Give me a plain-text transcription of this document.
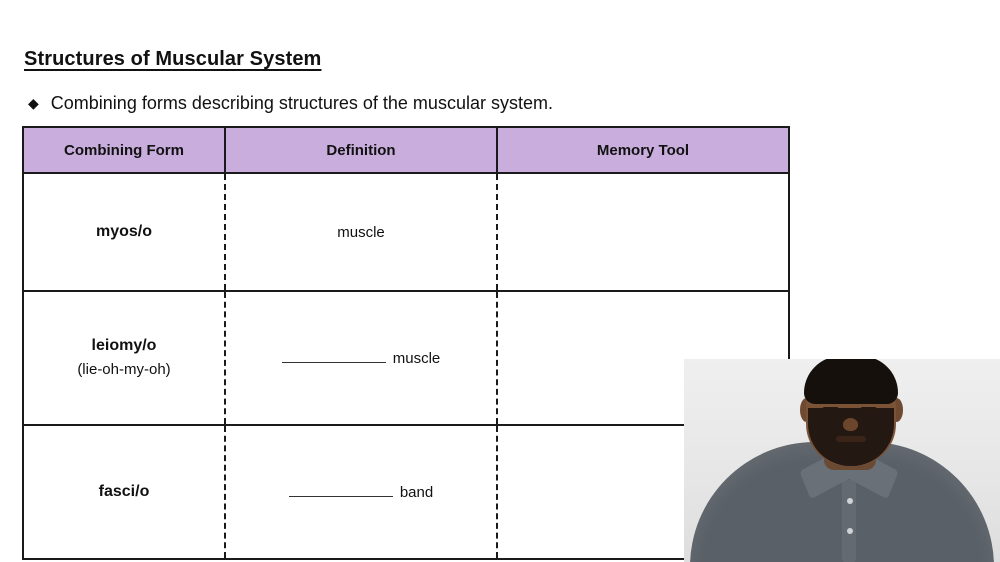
Structures of Muscular System
◆ Combining forms describing structures of the muscular system.
Combining Form	Definition	Memory Tool

myos/o	muscle	

leiomy/o
(lie-oh-my-oh)	muscle	

fasci/o	band	
